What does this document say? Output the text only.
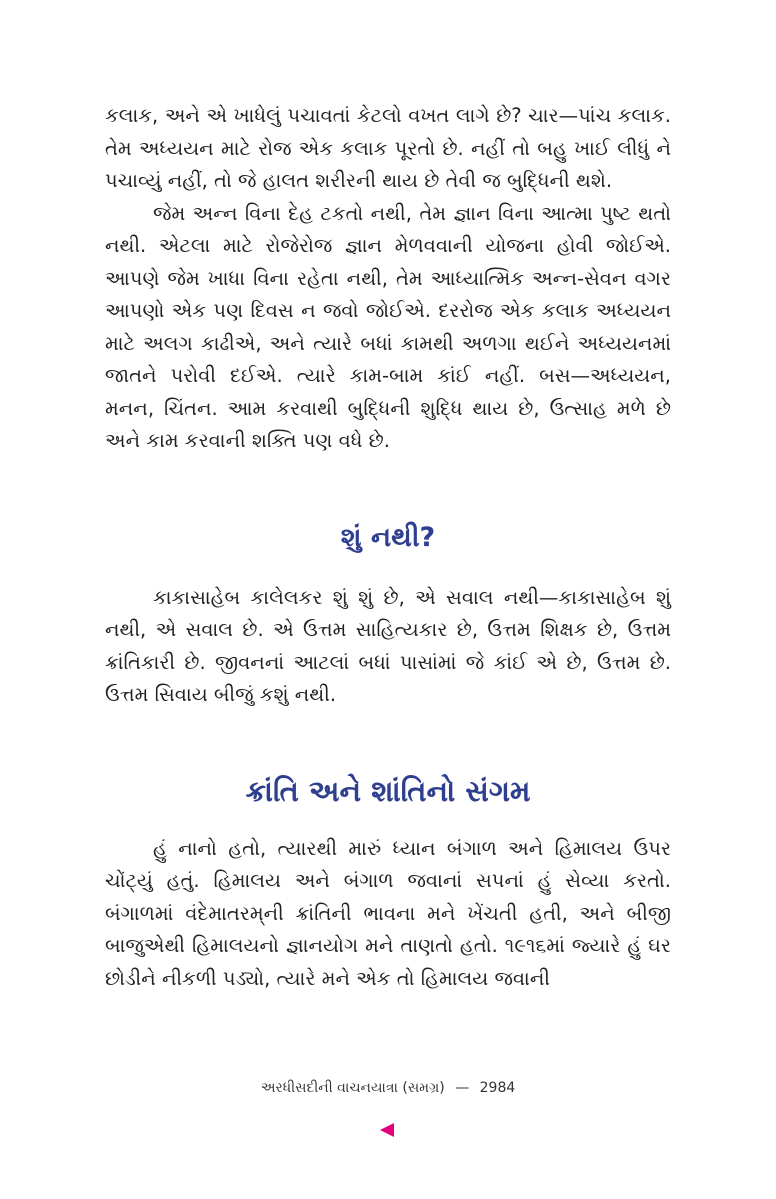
કલાક, અને એ ખાધેલું પચાવતાં કેટલો વખત લાગે છે? ચાર—પાંચ કલાક. તેમ અધ્યયન માટે રોજ એક કલાક પૂરતો છે. નહીં તો બહુ ખાઈ લીધું ને પચાવ્યું નહીં, તો જે હાલત શરીરની થાય છે તેવી જ બુદ્ધિની થશે.

જેમ અન્ન વિના દેહ ટકતો નથી, તેમ જ્ઞાન વિના આત્મા પુષ્ટ થતો નથી. એટલા માટે રોજેરોજ જ્ઞાન મેળવવાની યોજના હોવી જોઈએ. આપણે જેમ ખાધા વિના રહેતા નથી, તેમ આધ્યાત્મિક અન્ન-સેવન વગર આપણો એક પણ દિવસ ન જવો જોઈએ. દરરોજ એક કલાક અધ્યયન માટે અલગ કાઢીએ, અને ત્યારે બધાં કામથી અળગા થઈને અધ્યયનમાં જાતને પરોવી દઈએ. ત્યારે કામ-બામ કાંઈ નહીં. બસ—અધ્યયન, મનન, ચિંતન. આમ કરવાથી બુદ્ધિની શુદ્ધિ થાય છે, ઉત્સાહ મળે છે અને કામ કરવાની શક્તિ પણ વધે છે.

શું નથી?

કાકાસાહેબ કાલેલકર શું શું છે, એ સવાલ નથી—કાકાસાહેબ શું નથી, એ સવાલ છે. એ ઉત્તમ સાહિત્યકાર છે, ઉત્તમ શિક્ષક છે, ઉત્તમ ક્રાંતિકારી છે. જીવનનાં આટલાં બધાં પાસાંમાં જે કાંઈ એ છે, ઉત્તમ છે. ઉત્તમ સિવાય બીજું કશું નથી.

ક્રાંતિ અને શાંતિનો સંગમ

હું નાનો હતો, ત્યારથી મારું ધ્યાન બંગાળ અને હિમાલય ઉપર ચોંટ્યું હતું. હિમાલય અને બંગાળ જવાનાં સપનાં હું સેવ્યા કરતો. બંગાળમાં વંદેમાતરમ્‌ની ક્રાંતિની ભાવના મને ખેંચતી હતી, અને બીજી બાજુએથી હિમાલયનો જ્ઞાનયોગ મને તાણતો હતો. ૧૯૧૬માં જ્યારે હું ઘર છોડીને નીકળી પડ્યો, ત્યારે મને એક તો હિમાલય જવાની

અરધીસદીની વાચનયાત્રા (સમગ્ર) — 2984
